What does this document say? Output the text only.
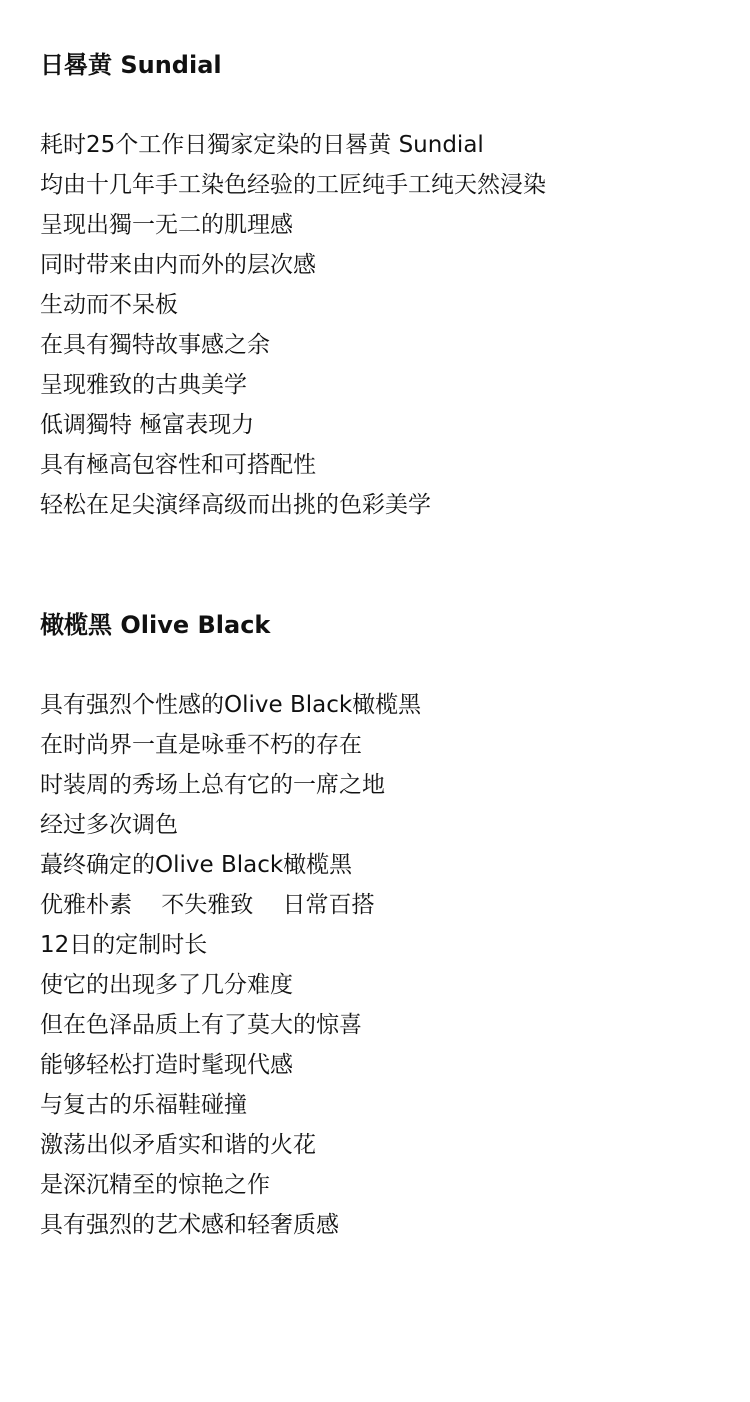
日晷黄 Sundial
耗时25个工作日獨家定染的日晷黄 Sundial
均由十几年手工染色经验的工匠纯手工纯天然浸染
呈现出獨一无二的肌理感
同时带来由内而外的层次感
生动而不呆板
在具有獨特故事感之余
呈现雅致的古典美学
低调獨特 極富表现力
具有極高包容性和可搭配性
轻松在足尖演绎高级而出挑的色彩美学
橄榄黑 Olive Black
具有强烈个性感的Olive Black橄榄黑
在时尚界一直是咏垂不朽的存在
时装周的秀场上总有它的一席之地
经过多次调色
蕞终确定的Olive Black橄榄黑
优雅朴素    不失雅致    日常百搭
12日的定制时长
使它的出现多了几分难度
但在色泽品质上有了莫大的惊喜
能够轻松打造时髦现代感
与复古的乐福鞋碰撞
激荡出似矛盾实和谐的火花
是深沉精至的惊艳之作
具有强烈的艺术感和轻奢质感
